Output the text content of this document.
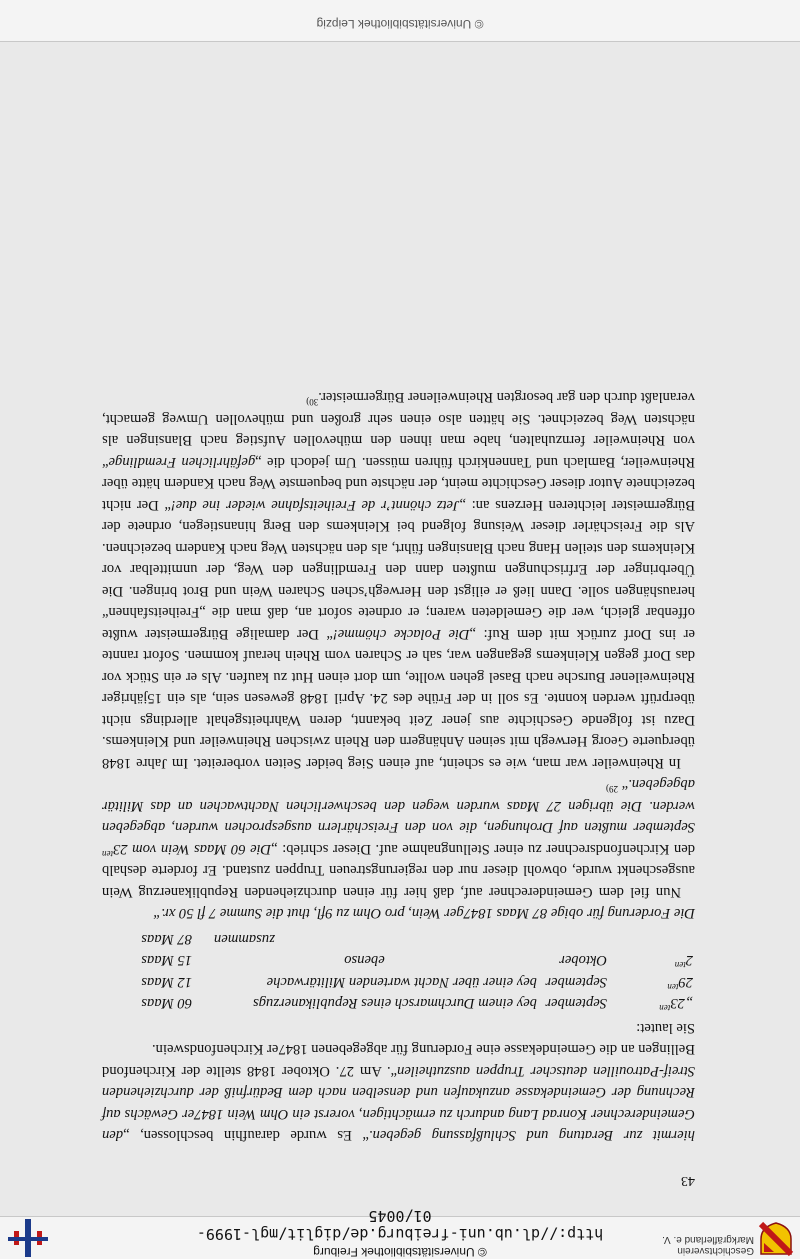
Geschichtsverein
Markgräflerland e. V.
© Universitätsbibliothek Freiburg
http://dl.ub.uni-freiburg.de/diglit/mgl-1999-01/0045
43

hiermit zur Beratung und Schlußfassung gegeben.“ Es wurde daraufhin beschlossen, „den Gemeinderechner Konrad Lang andurch zu ermächtigen, vorerst ein Ohm Wein 1847er Gewächs auf Rechnung der Gemeindekasse anzukaufen und denselben nach dem Bedürfniß der durchziehenden Streif-Patrouillen deutscher Truppen auszutheilen“. Am 27. Oktober 1848 stellte der Kirchenfond Bellingen an die Gemeindekasse eine Forderung für abgegebenen 1847er Kirchenfondswein.

Sie lautet:

$„23^{ten}$
September
bey einem Durchmarsch eines Republikanerzugs
60 Maas
$29^{ten}$
September
bey einer über Nacht wartenden Militärwache
12 Maas
$2^{ten}$
Oktober
ebenso
15 Maas
zusammen
87 Maas

Die Forderung für obige 87 Maas 1847ger Wein, pro Ohm zu 9fl, thut die Summe 7 fl 50 xr.“

Nun fiel dem Gemeinderechner auf, daß hier für einen durchziehenden Republikanerzug Wein ausgeschenkt wurde, obwohl dieser nur den regierungstreuen Truppen zustand. Er forderte deshalb den Kirchenfondsrechner zu einer Stellungnahme auf. Dieser schrieb: „Die 60 Maas Wein vom $23^{ten}$ September mußten auf Drohungen, die von den Freischärlern ausgesprochen wurden, abgegeben werden. Die übrigen 27 Maas wurden wegen den beschwerlichen Nachtwachen an das Militär abgegeben.“ $^{29)}$

In Rheinweiler war man, wie es scheint, auf einen Sieg beider Seiten vorbereitet. Im Jahre 1848 überquerte Georg Herwegh mit seinen Anhängern den Rhein zwischen Rheinweiler und Kleinkems. Dazu ist folgende Geschichte aus jener Zeit bekannt, deren Wahrheitsgehalt allerdings nicht überprüft werden konnte. Es soll in der Frühe des 24. April 1848 gewesen sein, als ein 15jähriger Rheinweilener Bursche nach Basel gehen wollte, um dort einen Hut zu kaufen. Als er ein Stück vor das Dorf gegen Kleinkems gegangen war, sah er Scharen vom Rhein herauf kommen. Sofort rannte er ins Dorf zurück mit dem Ruf: „Die Polacke chömme!“ Der damalige Bürgermeister wußte offenbar gleich, wer die Gemeldeten waren; er ordnete sofort an, daß man die „Freiheitsfahnen“ heraushängen solle. Dann ließ er eiligst den Herwegh’schen Scharen Wein und Brot bringen. Die Überbringer der Erfrischungen mußten dann den Fremdlingen den Weg, der unmittelbar vor Kleinkems den steilen Hang nach Blansingen führt, als den nächsten Weg nach Kandern bezeichnen. Als die Freischärler dieser Weisung folgend bei Kleinkems den Berg hinanstiegen, ordnete der Bürgermeister leichteren Herzens an: „Jetz chönnt’r de Freiheitsfahne wieder ine due!“ Der nicht bezeichnete Autor dieser Geschichte meint, der nächste und bequemste Weg nach Kandern hätte über Rheinweiler, Bamlach und Tannenkirch führen müssen. Um jedoch die „gefährlichen Fremdlinge“ von Rheinweiler fernzuhalten, habe man ihnen den mühevollen Aufstieg nach Blansingen als nächsten Weg bezeichnet. Sie hätten also einen sehr großen und mühevollen Umweg gemacht, veranlaßt durch den gar besorgten Rheinweilener Bürgermeister.$^{30)}$

© Universitätsbibliothek Leipzig
